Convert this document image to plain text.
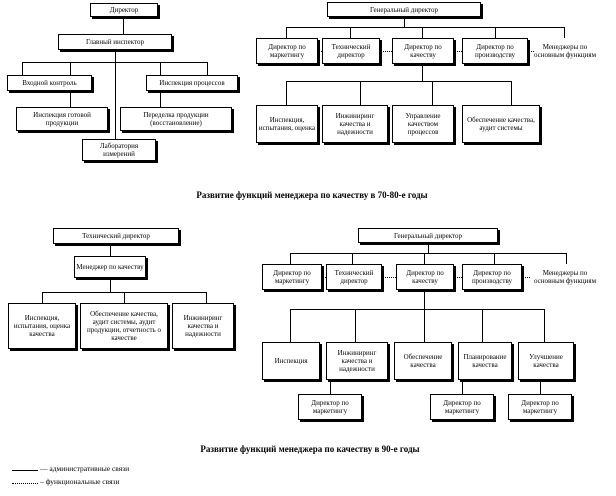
Директор
Главный инспектор
Входной контроль	Инспекция процессов
Инспекция готовой продукции
Переделка продукции (восстановление)
Лаборатория измерений
Генеральный директор
Директор по маркетингу
Технический директор
Директор по качеству
Директор по производству
Менеджеры по основным функциям
Инспекция, испытания, оценка
Инжиниринг качества и надежности
Управление качеством процессов
Обеспечение качества, аудит системы
Развитие функций менеджера по качеству в 70-80-е годы
Технический директор
Менеджер по качеству
Инспекция, испытания, оценка качества
Обеспечение качества, аудит системы, аудит продукции, отчетность о качестве
Инжиниринг качества и надежности
Генеральный директор
Директор по маркетингу
Технический директор
Директор по качеству
Директор по производству
Менеджеры по основным функциям
Инспекция
Инжиниринг качества и надежности
Обеспечение качества
Планирование качества
Улучшение качества
Директор по маркетингу
Директор по маркетингу
Директор по маркетингу
Развитие функций менеджера по качеству в 90-е годы
— административные связи
– функциональные связи
